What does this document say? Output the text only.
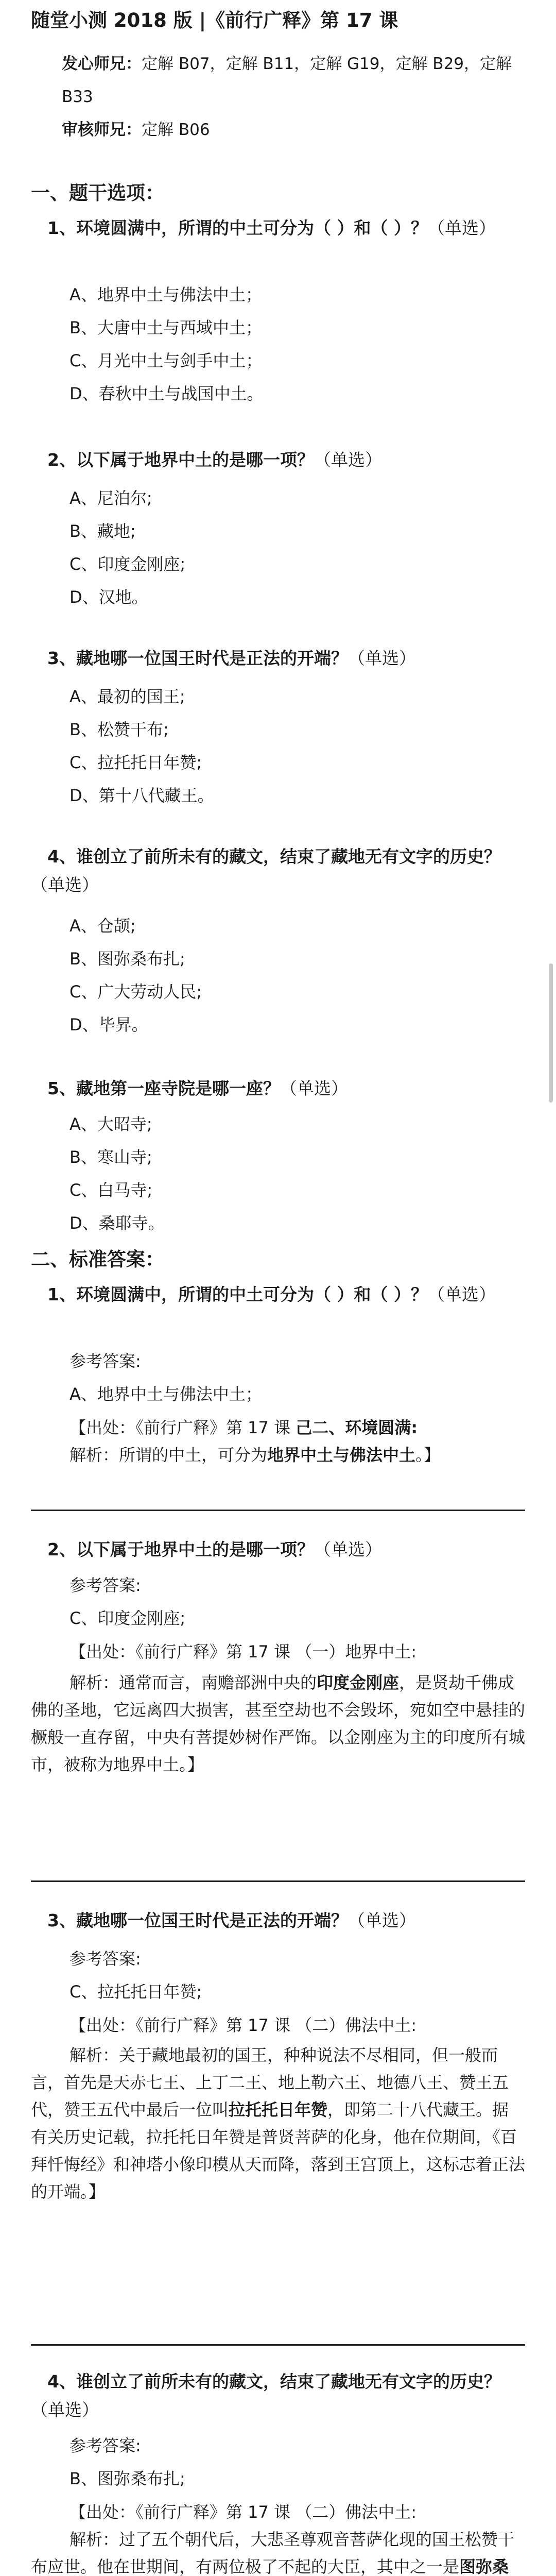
随堂小测 2018 版 |《前行广释》第 17 课
发心师兄：定解 B07，定解 B11，定解 G19，定解 B29，定解 B33
审核师兄：定解 B06
一、题干选项：
1、环境圆满中，所谓的中土可分为（ ）和（ ）？（单选）
A、地界中土与佛法中土；
B、大唐中土与西域中土；
C、月光中土与剑手中土；
D、春秋中土与战国中土。
2、以下属于地界中土的是哪一项？（单选）
A、尼泊尔;
B、藏地;
C、印度金刚座;
D、汉地。
3、藏地哪一位国王时代是正法的开端？（单选）
A、最初的国王;
B、松赞干布;
C、拉托托日年赞;
D、第十八代藏王。
4、谁创立了前所未有的藏文，结束了藏地无有文字的历史？（单选）
A、仓颉;
B、图弥桑布扎;
C、广大劳动人民;
D、毕昇。
5、藏地第一座寺院是哪一座？（单选）
A、大昭寺;
B、寒山寺;
C、白马寺;
D、桑耶寺。
二、标准答案：
1、环境圆满中，所谓的中土可分为（ ）和（ ）？（单选）
参考答案:
A、地界中土与佛法中土；
【出处：《前行广释》第 17 课 己二、环境圆满:
解析：所谓的中土，可分为地界中土与佛法中土。】
2、以下属于地界中土的是哪一项？（单选）
参考答案:
C、印度金刚座;
【出处：《前行广释》第 17 课 （一）地界中土:
解析：通常而言，南赡部洲中央的印度金刚座，是贤劫千佛成佛的圣地，它远离四大损害，甚至空劫也不会毁坏，宛如空中悬挂的橛般一直存留，中央有菩提妙树作严饰。以金刚座为主的印度所有城市，被称为地界中土。】
3、藏地哪一位国王时代是正法的开端？（单选）
参考答案:
C、拉托托日年赞;
【出处：《前行广释》第 17 课 （二）佛法中土:
解析：关于藏地最初的国王，种种说法不尽相同，但一般而言，首先是天赤七王、上丁二王、地上勒六王、地德八王、赞王五代，赞王五代中最后一位叫拉托托日年赞，即第二十八代藏王。据有关历史记载，拉托托日年赞是普贤菩萨的化身，他在位期间，《百拜忏悔经》和神塔小像印模从天而降，落到王宫顶上，这标志着正法的开端。】
4、谁创立了前所未有的藏文，结束了藏地无有文字的历史？（单选）
参考答案:
B、图弥桑布扎;
【出处：《前行广释》第 17 课 （二）佛法中土:
解析：过了五个朝代后，大悲圣尊观音菩萨化现的国王松赞干布应世。他在世期间，有两位极了不起的大臣，其中之一是图弥桑
